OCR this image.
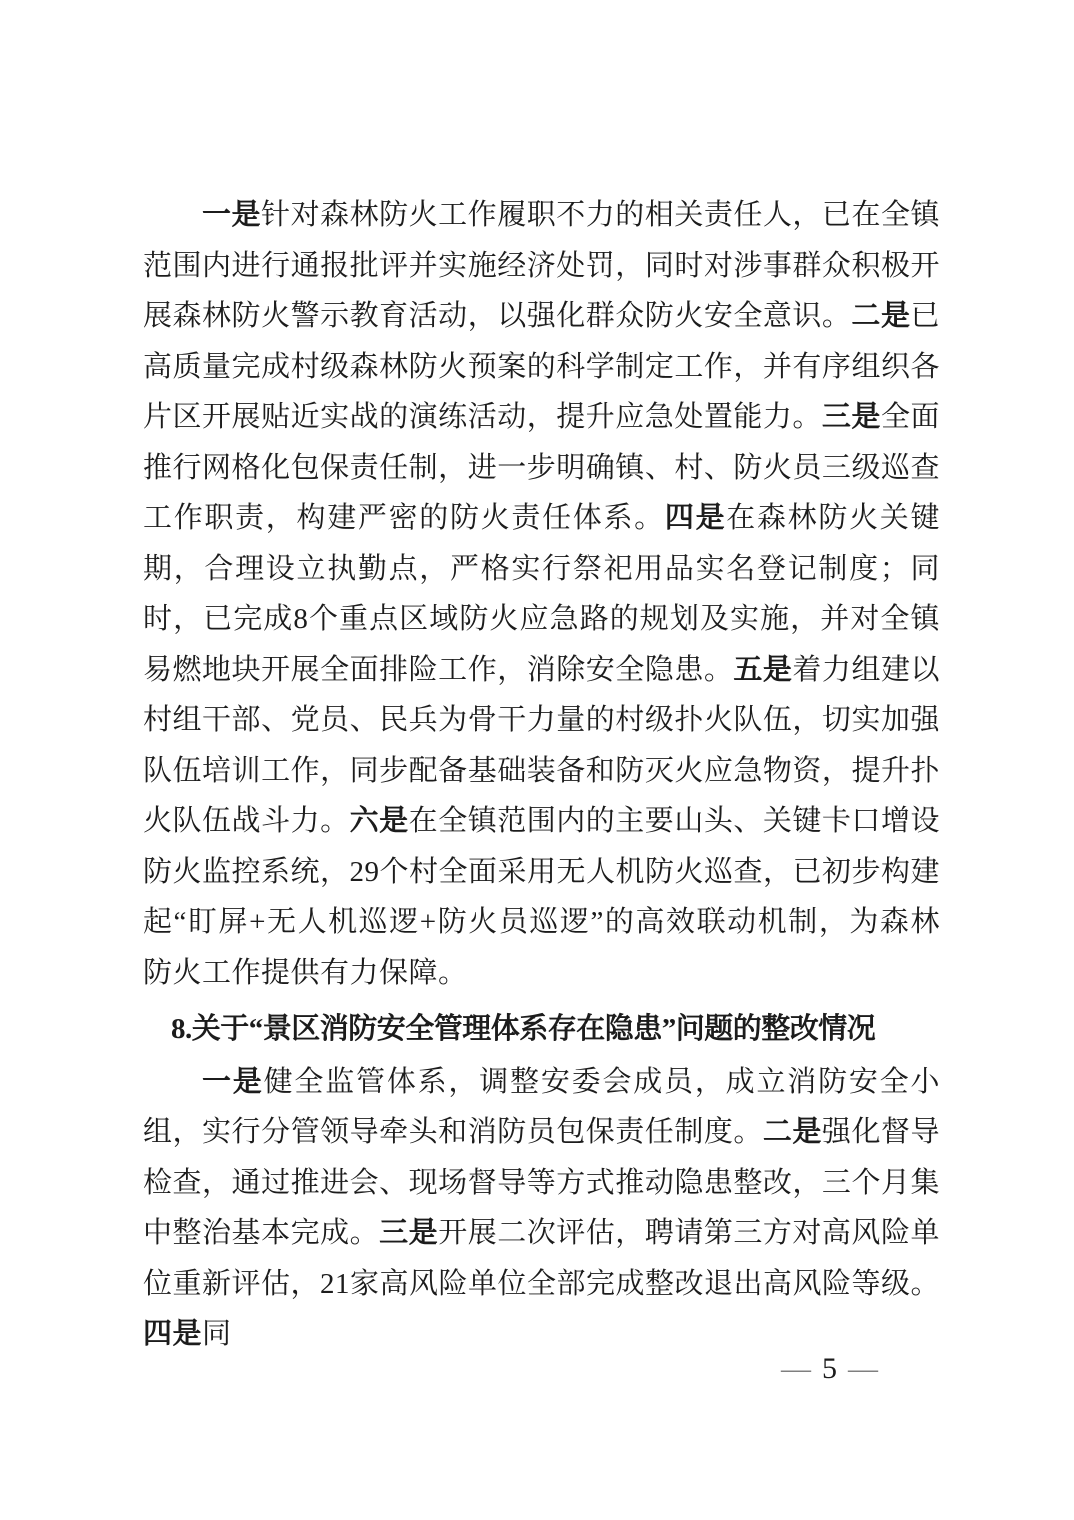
一是针对森林防火工作履职不力的相关责任人，已在全镇范围内进行通报批评并实施经济处罚，同时对涉事群众积极开展森林防火警示教育活动，以强化群众防火安全意识。二是已高质量完成村级森林防火预案的科学制定工作，并有序组织各片区开展贴近实战的演练活动，提升应急处置能力。三是全面推行网格化包保责任制，进一步明确镇、村、防火员三级巡查工作职责，构建严密的防火责任体系。四是在森林防火关键期，合理设立执勤点，严格实行祭祀用品实名登记制度；同时，已完成8个重点区域防火应急路的规划及实施，并对全镇易燃地块开展全面排险工作，消除安全隐患。五是着力组建以村组干部、党员、民兵为骨干力量的村级扑火队伍，切实加强队伍培训工作，同步配备基础装备和防灭火应急物资，提升扑火队伍战斗力。六是在全镇范围内的主要山头、关键卡口增设防火监控系统，29个村全面采用无人机防火巡查，已初步构建起“盯屏+无人机巡逻+防火员巡逻”的高效联动机制，为森林防火工作提供有力保障。

8.关于“景区消防安全管理体系存在隐患”问题的整改情况

一是健全监管体系，调整安委会成员，成立消防安全小组，实行分管领导牵头和消防员包保责任制度。二是强化督导检查，通过推进会、现场督导等方式推动隐患整改，三个月集中整治基本完成。三是开展二次评估，聘请第三方对高风险单位重新评估，21家高风险单位全部完成整改退出高风险等级。四是同

— 5 —
